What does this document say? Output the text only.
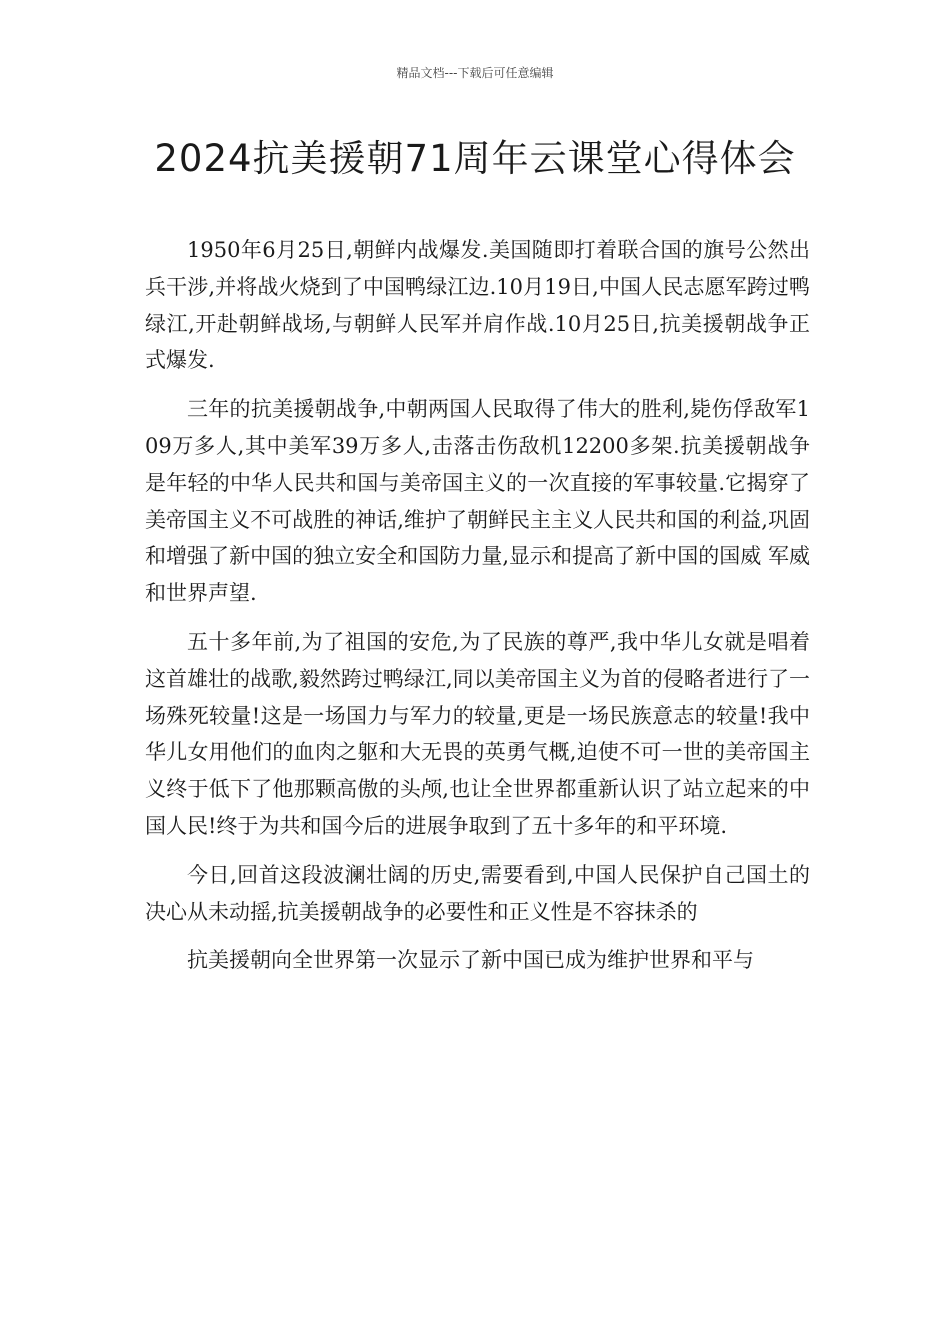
精品文档---下载后可任意编辑
2024抗美援朝71周年云课堂心得体会

1950年6月25日,朝鲜内战爆发.美国随即打着联合国的旗号公然出兵干涉,并将战火烧到了中国鸭绿江边.10月19日,中国人民志愿军跨过鸭绿江,开赴朝鲜战场,与朝鲜人民军并肩作战.10月25日,抗美援朝战争正式爆发.

三年的抗美援朝战争,中朝两国人民取得了伟大的胜利,毙伤俘敌军109万多人,其中美军39万多人,击落击伤敌机12200多架.抗美援朝战争是年轻的中华人民共和国与美帝国主义的一次直接的军事较量.它揭穿了美帝国主义不可战胜的神话,维护了朝鲜民主主义人民共和国的利益,巩固和增强了新中国的独立安全和国防力量,显示和提高了新中国的国威 军威和世界声望.

五十多年前,为了祖国的安危,为了民族的尊严,我中华儿女就是唱着这首雄壮的战歌,毅然跨过鸭绿江,同以美帝国主义为首的侵略者进行了一场殊死较量!这是一场国力与军力的较量,更是一场民族意志的较量!我中华儿女用他们的血肉之躯和大无畏的英勇气概,迫使不可一世的美帝国主义终于低下了他那颗高傲的头颅,也让全世界都重新认识了站立起来的中国人民!终于为共和国今后的进展争取到了五十多年的和平环境.

今日,回首这段波澜壮阔的历史,需要看到,中国人民保护自己国土的决心从未动摇,抗美援朝战争的必要性和正义性是不容抹杀的

抗美援朝向全世界第一次显示了新中国已成为维护世界和平与
